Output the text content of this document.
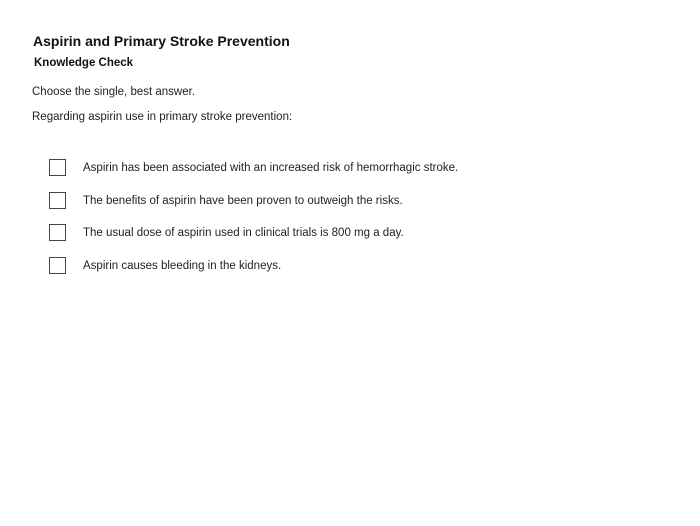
Aspirin and Primary Stroke Prevention
Knowledge Check
Choose the single, best answer.
Regarding aspirin use in primary stroke prevention:
Aspirin has been associated with an increased risk of hemorrhagic stroke.
The benefits of aspirin have been proven to outweigh the risks.
The usual dose of aspirin used in clinical trials is 800 mg a day.
Aspirin causes bleeding in the kidneys.
